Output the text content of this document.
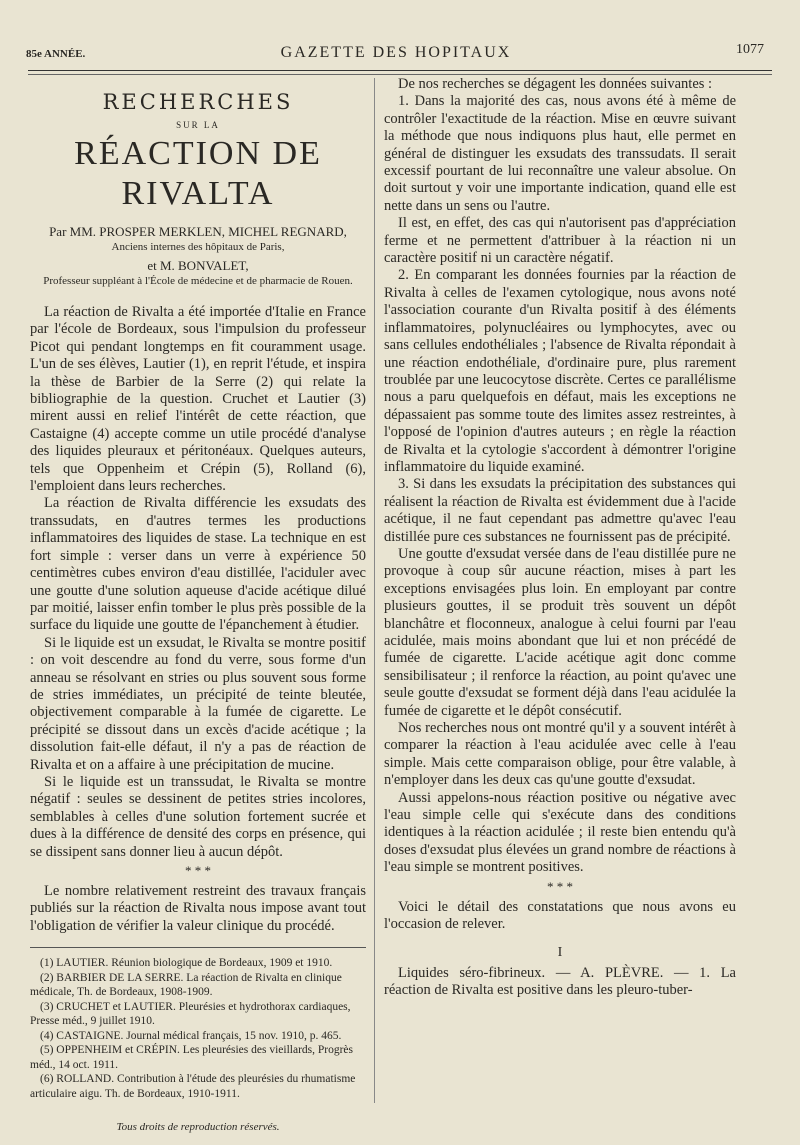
85e ANNÉE.	GAZETTE DES HOPITAUX	1077
RECHERCHES
SUR LA
RÉACTION DE RIVALTA
Par MM. PROSPER MERKLEN, MICHEL REGNARD,
Anciens internes des hôpitaux de Paris,
et M. BONVALET,
Professeur suppléant à l'École de médecine et de pharmacie de Rouen.

La réaction de Rivalta a été importée d'Italie en France par l'école de Bordeaux, sous l'impulsion du professeur Picot qui pendant longtemps en fit couramment usage. L'un de ses élèves, Lautier (1), en reprit l'étude, et inspira la thèse de Barbier de la Serre (2) qui relate la bibliographie de la question. Cruchet et Lautier (3) mirent aussi en relief l'intérêt de cette réaction, que Castaigne (4) accepte comme un utile procédé d'analyse des liquides pleuraux et péritonéaux. Quelques auteurs, tels que Oppenheim et Crépin (5), Rolland (6), l'emploient dans leurs recherches.

La réaction de Rivalta différencie les exsudats des transsudats, en d'autres termes les productions inflammatoires des liquides de stase. La technique en est fort simple : verser dans un verre à expérience 50 centimètres cubes environ d'eau distillée, l'aciduler avec une goutte d'une solution aqueuse d'acide acétique dilué par moitié, laisser enfin tomber le plus près possible de la surface du liquide une goutte de l'épanchement à étudier.

Si le liquide est un exsudat, le Rivalta se montre positif : on voit descendre au fond du verre, sous forme d'un anneau se résolvant en stries ou plus souvent sous forme de stries immédiates, un précipité de teinte bleutée, objectivement comparable à la fumée de cigarette. Le précipité se dissout dans un excès d'acide acétique ; la dissolution fait-elle défaut, il n'y a pas de réaction de Rivalta et on a affaire à une précipitation de mucine.

Si le liquide est un transsudat, le Rivalta se montre négatif : seules se dessinent de petites stries incolores, semblables à celles d'une solution fortement sucrée et dues à la différence de densité des corps en présence, qui se dissipent sans donner lieu à aucun dépôt.

* * *

Le nombre relativement restreint des travaux français publiés sur la réaction de Rivalta nous impose avant tout l'obligation de vérifier la valeur clinique du procédé.

(1) LAUTIER. Réunion biologique de Bordeaux, 1909 et 1910.
(2) BARBIER DE LA SERRE. La réaction de Rivalta en clinique médicale, Th. de Bordeaux, 1908-1909.
(3) CRUCHET et LAUTIER. Pleurésies et hydrothorax cardiaques, Presse méd., 9 juillet 1910.
(4) CASTAIGNE. Journal médical français, 15 nov. 1910, p. 465.
(5) OPPENHEIM et CRÉPIN. Les pleurésies des vieillards, Progrès méd., 14 oct. 1911.
(6) ROLLAND. Contribution à l'étude des pleurésies du rhumatisme articulaire aigu. Th. de Bordeaux, 1910-1911.
Tous droits de reproduction réservés.

De nos recherches se dégagent les données suivantes :

1. Dans la majorité des cas, nous avons été à même de contrôler l'exactitude de la réaction. Mise en œuvre suivant la méthode que nous indiquons plus haut, elle permet en général de distinguer les exsudats des transsudats. Il serait excessif pourtant de lui reconnaître une valeur absolue. On doit surtout y voir une importante indication, quand elle est nette dans un sens ou l'autre.

Il est, en effet, des cas qui n'autorisent pas d'appréciation ferme et ne permettent d'attribuer à la réaction ni un caractère positif ni un caractère négatif.

2. En comparant les données fournies par la réaction de Rivalta à celles de l'examen cytologique, nous avons noté l'association courante d'un Rivalta positif à des éléments inflammatoires, polynucléaires ou lymphocytes, avec ou sans cellules endothéliales ; l'absence de Rivalta répondait à une réaction endothéliale, d'ordinaire pure, plus rarement troublée par une leucocytose discrète. Certes ce parallélisme nous a paru quelquefois en défaut, mais les exceptions ne dépassaient pas somme toute des limites assez restreintes, à l'opposé de l'opinion d'autres auteurs ; en règle la réaction de Rivalta et la cytologie s'accordent à démontrer l'origine inflammatoire du liquide examiné.

3. Si dans les exsudats la précipitation des substances qui réalisent la réaction de Rivalta est évidemment due à l'acide acétique, il ne faut cependant pas admettre qu'avec l'eau distillée pure ces substances ne fournissent pas de précipité.

Une goutte d'exsudat versée dans de l'eau distillée pure ne provoque à coup sûr aucune réaction, mises à part les exceptions envisagées plus loin. En employant par contre plusieurs gouttes, il se produit très souvent un dépôt blanchâtre et floconneux, analogue à celui fourni par l'eau acidulée, mais moins abondant que lui et non précédé de fumée de cigarette. L'acide acétique agit donc comme sensibilisateur ; il renforce la réaction, au point qu'avec une seule goutte d'exsudat se forment déjà dans l'eau acidulée la fumée de cigarette et le dépôt consécutif.

Nos recherches nous ont montré qu'il y a souvent intérêt à comparer la réaction à l'eau acidulée avec celle à l'eau simple. Mais cette comparaison oblige, pour être valable, à n'employer dans les deux cas qu'une goutte d'exsudat.

Aussi appelons-nous réaction positive ou négative avec l'eau simple celle qui s'exécute dans des conditions identiques à la réaction acidulée ; il reste bien entendu qu'à doses d'exsudat plus élevées un grand nombre de réactions à l'eau simple se montrent positives.

* * *

Voici le détail des constatations que nous avons eu l'occasion de relever.

I

Liquides séro-fibrineux. — A. PLÈVRE. — 1. La réaction de Rivalta est positive dans les pleuro-tuber-
